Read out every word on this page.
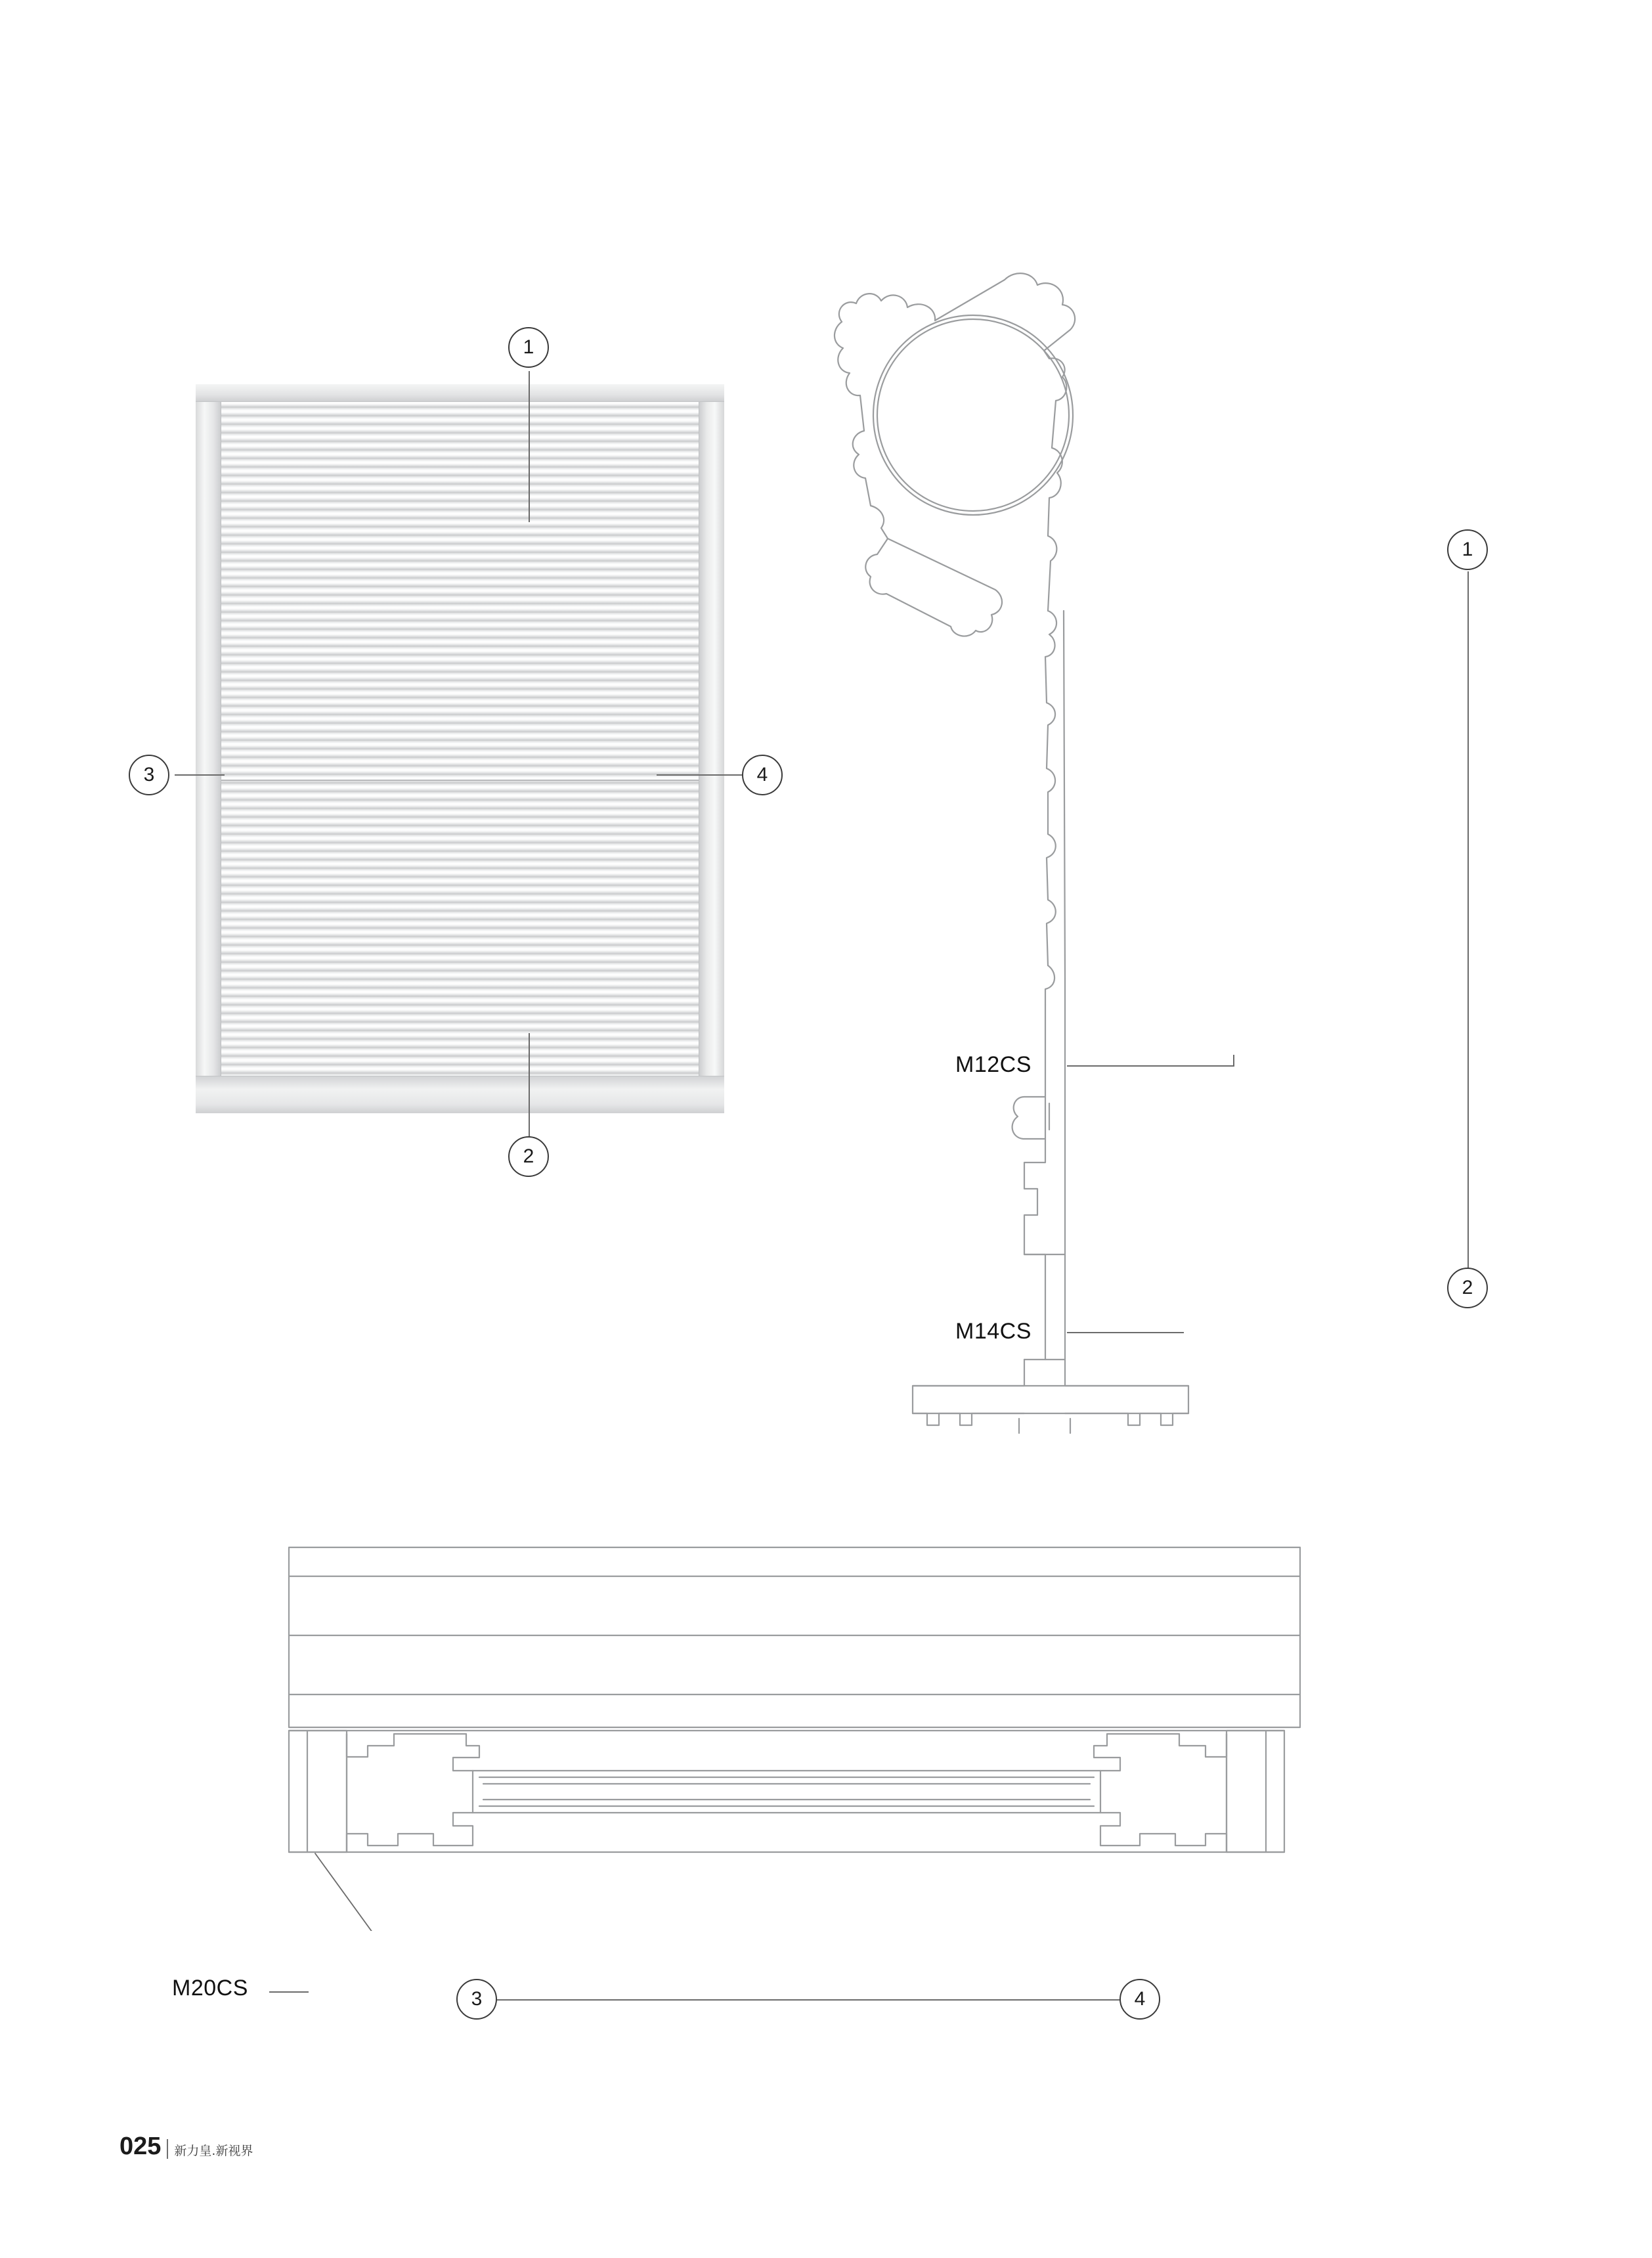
1
2
3	4
M12CS
M14CS
1
2
M20CS	3	4
025 新力皇.新视界
